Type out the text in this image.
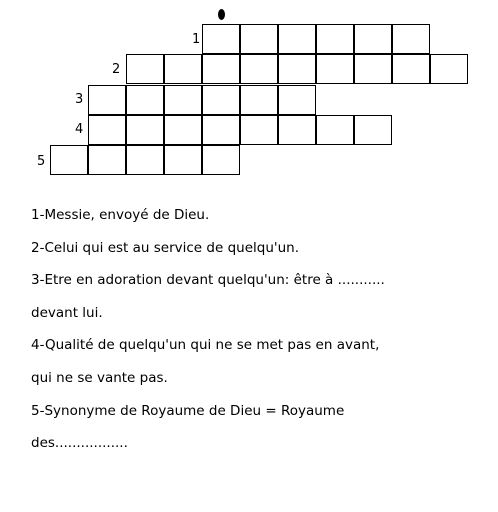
1
2
3
4
5
1-Messie, envoyé de Dieu.
2-Celui qui est au service de quelqu'un.
3-Etre en adoration devant quelqu'un: être à ...........
devant lui.
4-Qualité de quelqu'un qui ne se met pas en avant,
qui ne se vante pas.
5-Synonyme de Royaume de Dieu = Royaume
des.................
